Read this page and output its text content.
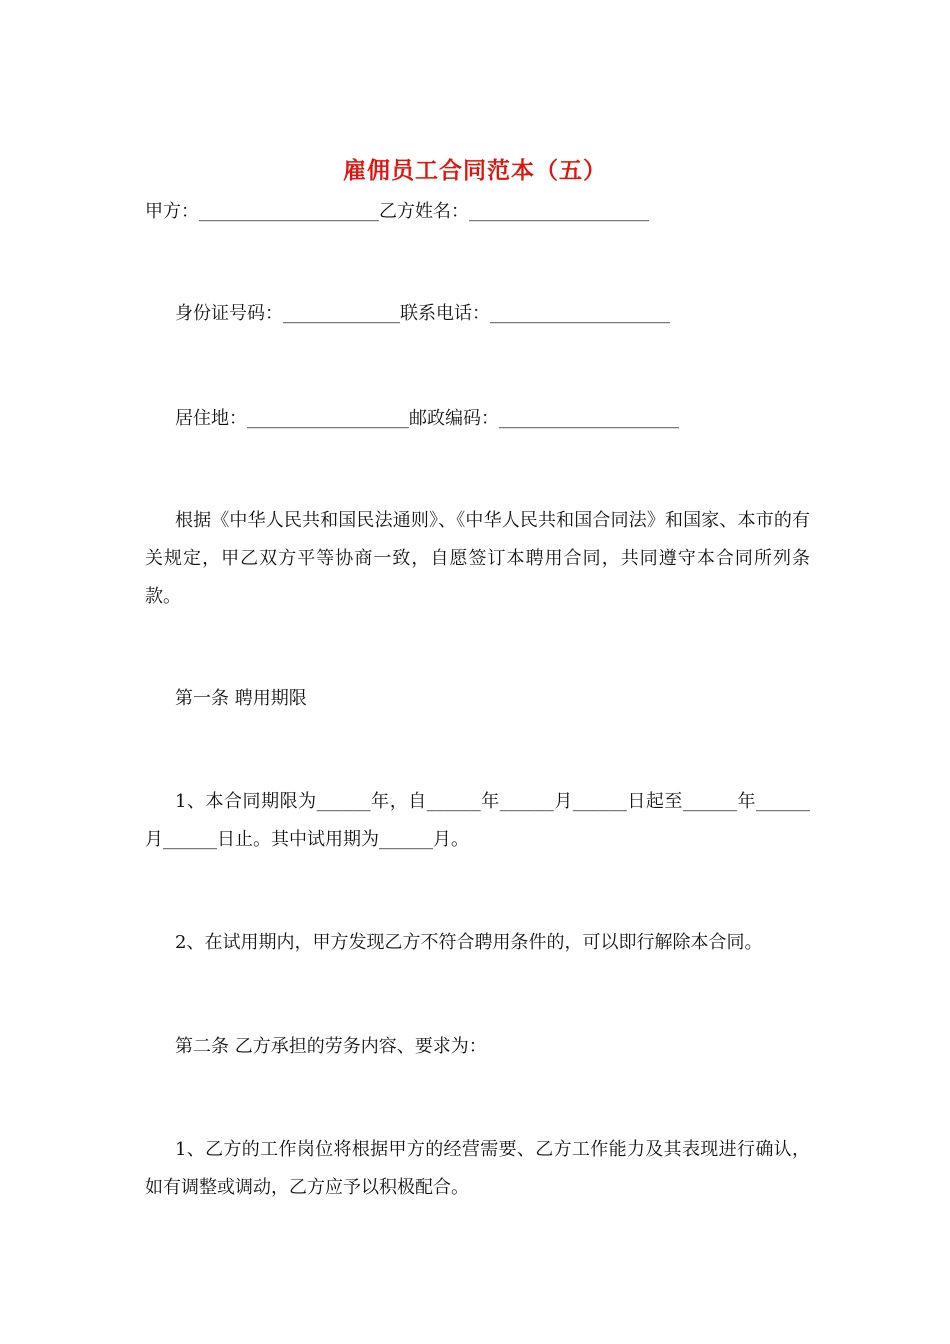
雇佣员工合同范本（五）
甲方：____________________乙方姓名：____________________
身份证号码：_____________联系电话：____________________
居住地：__________________邮政编码：____________________
根据《中华人民共和国民法通则》、《中华人民共和国合同法》和国家、本市的有关规定，甲乙双方平等协商一致，自愿签订本聘用合同，共同遵守本合同所列条款。
第一条 聘用期限
1、本合同期限为______年，自______年______月______日起至______年______月______日止。其中试用期为______月。
2、在试用期内，甲方发现乙方不符合聘用条件的，可以即行解除本合同。
第二条 乙方承担的劳务内容、要求为：
1、乙方的工作岗位将根据甲方的经营需要、乙方工作能力及其表现进行确认，如有调整或调动，乙方应予以积极配合。
